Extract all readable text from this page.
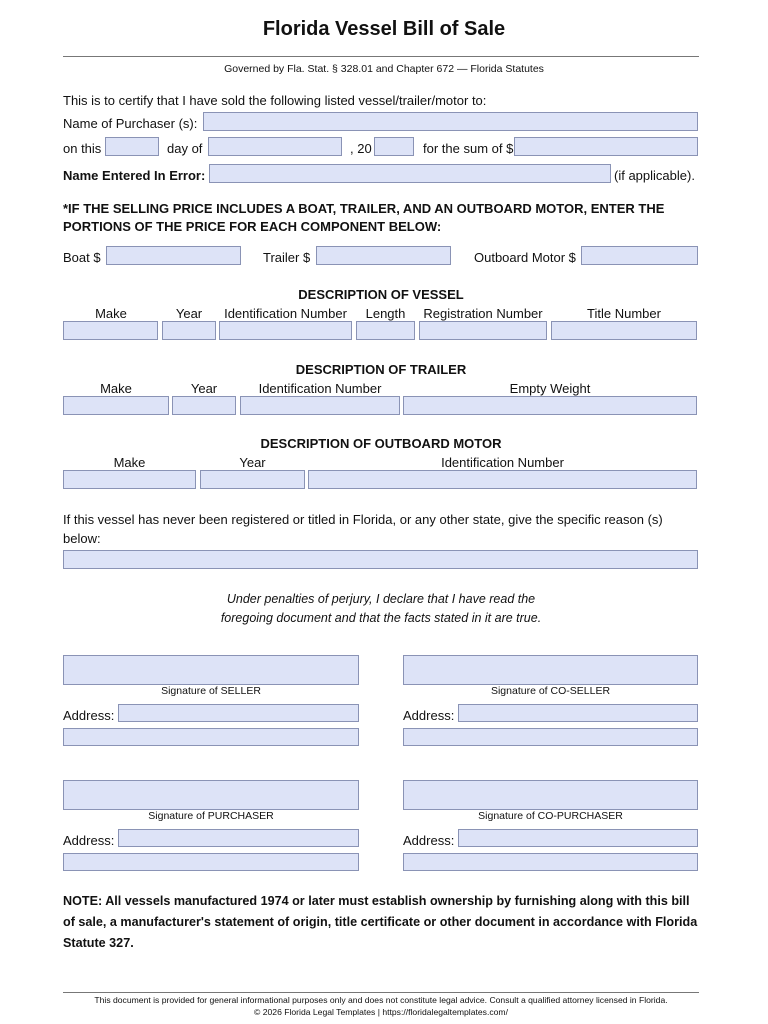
Florida Vessel Bill of Sale
Governed by Fla. Stat. § 328.01 and Chapter 672 — Florida Statutes
This is to certify that I have sold the following listed vessel/trailer/motor to:
Name of Purchaser (s):
on this	day of	, 20	for the sum of $
Name Entered In Error:	(if applicable).
*IF THE SELLING PRICE INCLUDES A BOAT, TRAILER, AND AN OUTBOARD MOTOR, ENTER THE
PORTIONS OF THE PRICE FOR EACH COMPONENT BELOW:
Boat $	Trailer $	Outboard Motor $
DESCRIPTION OF VESSEL
Make	Year	Identification Number	Length	Registration Number	Title Number
DESCRIPTION OF TRAILER
Make	Year	Identification Number	Empty Weight
DESCRIPTION OF OUTBOARD MOTOR
Make	Year	Identification Number
If this vessel has never been registered or titled in Florida, or any other state, give the specific reason (s)
below:
Under penalties of perjury, I declare that I have read the
foregoing document and that the facts stated in it are true.
Signature of SELLER	Signature of CO-SELLER
Address:	Address:
Signature of PURCHASER	Signature of CO-PURCHASER
Address:	Address:
NOTE: All vessels manufactured 1974 or later must establish ownership by furnishing along with this bill of sale, a manufacturer's statement of origin, title certificate or other document in accordance with Florida Statute 327.
This document is provided for general informational purposes only and does not constitute legal advice. Consult a qualified attorney licensed in Florida.
© 2026 Florida Legal Templates | https://floridalegaltemplates.com/
